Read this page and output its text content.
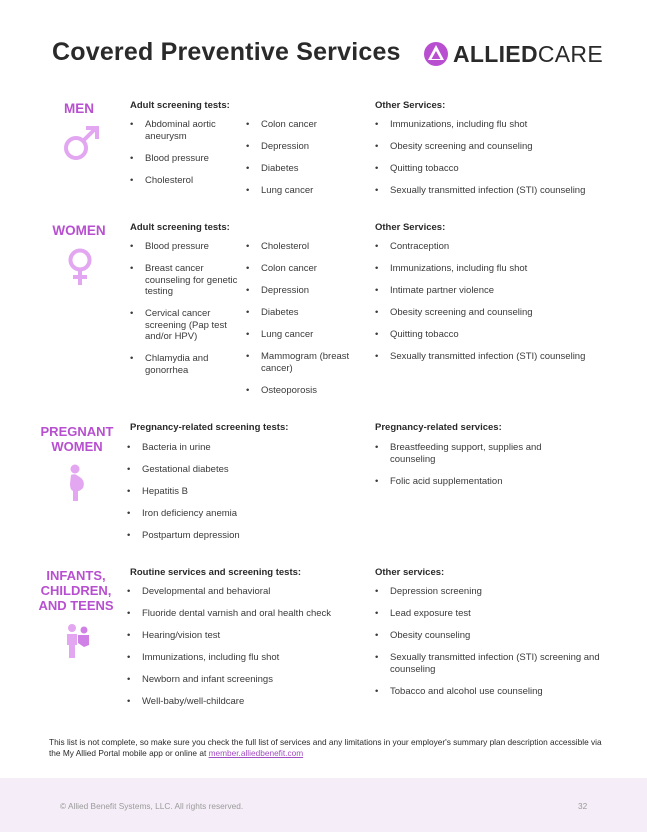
Covered Preventive Services ALLIEDCARE
MEN	Adult screening tests:
• Abdominal aortic aneurysm
• Blood pressure
• Cholesterol
• Colon cancer
• Depression
• Diabetes
• Lung cancer
Other Services:
• Immunizations, including flu shot
• Obesity screening and counseling
• Quitting tobacco
• Sexually transmitted infection (STI) counseling
WOMEN	Adult screening tests:
• Blood pressure
• Breast cancer counseling for genetic testing
• Cervical cancer screening (Pap test and/or HPV)
• Chlamydia and gonorrhea
• Cholesterol
• Colon cancer
• Depression
• Diabetes
• Lung cancer
• Mammogram (breast cancer)
• Osteoporosis
Other Services:
• Contraception
• Immunizations, including flu shot
• Intimate partner violence
• Obesity screening and counseling
• Quitting tobacco
• Sexually transmitted infection (STI) counseling
PREGNANT
WOMEN
Pregnancy-related screening tests:
• Bacteria in urine
• Gestational diabetes
• Hepatitis B
• Iron deficiency anemia
• Postpartum depression
Pregnancy-related services:
• Breastfeeding support, supplies and counseling
• Folic acid supplementation
INFANTS,
CHILDREN,
AND TEENS
Routine services and screening tests:
• Developmental and behavioral
• Fluoride dental varnish and oral health check
• Hearing/vision test
• Immunizations, including flu shot
• Newborn and infant screenings
• Well-baby/well-childcare
Other services:
• Depression screening
• Lead exposure test
• Obesity counseling
• Sexually transmitted infection (STI) screening and counseling
• Tobacco and alcohol use counseling
This list is not complete, so make sure you check the full list of services and any limitations in your employer's summary plan description accessible via the My Allied Portal mobile app or online at member.alliedbenefit.com
© Allied Benefit Systems, LLC. All rights reserved.	32
